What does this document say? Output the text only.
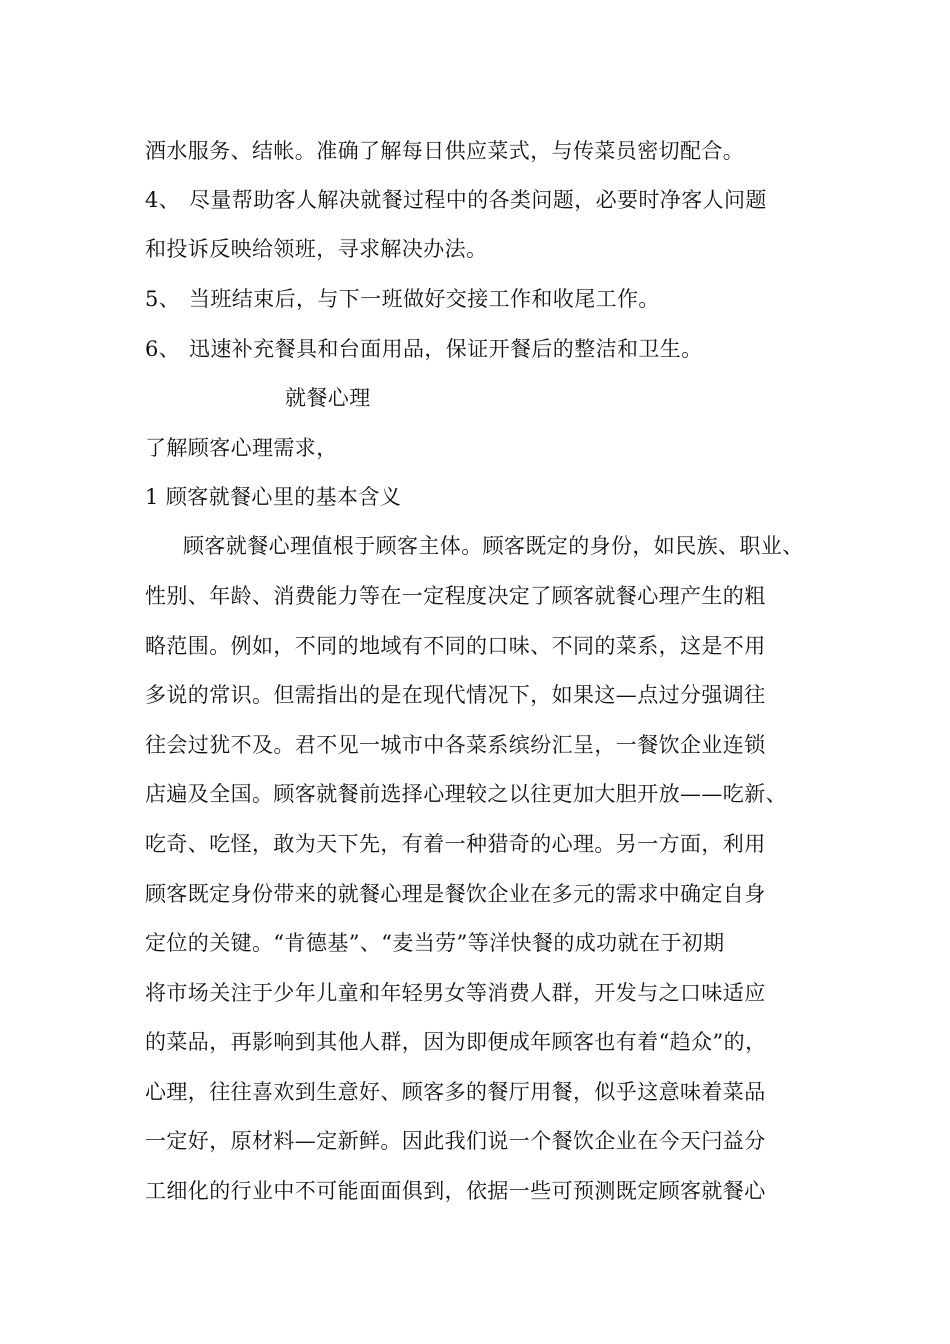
酒水服务、结帐。准确了解每日供应菜式，与传菜员密切配合。
4、 尽量帮助客人解决就餐过程中的各类问题，必要时净客人问题
和投诉反映给领班，寻求解决办法。
5、 当班结束后，与下一班做好交接工作和收尾工作。
6、 迅速补充餐具和台面用品，保证开餐后的整洁和卫生。
就餐心理
了解顾客心理需求，
1 顾客就餐心里的基本含义
顾客就餐心理值根于顾客主体。顾客既定的身份，如民族、职业、
性别、年龄、消费能力等在一定程度决定了顾客就餐心理产生的粗
略范围。例如，不同的地域有不同的口味、不同的菜系，这是不用
多说的常识。但需指出的是在现代情况下，如果这—点过分强调往
往会过犹不及。君不见一城市中各菜系缤纷汇呈，一餐饮企业连锁
店遍及全国。顾客就餐前选择心理较之以往更加大胆开放——吃新、
吃奇、吃怪，敢为天下先，有着一种猎奇的心理。另一方面，利用
顾客既定身份带来的就餐心理是餐饮企业在多元的需求中确定自身
定位的关键。“肯德基”、“麦当劳”等洋快餐的成功就在于初期
将市场关注于少年儿童和年轻男女等消费人群，开发与之口味适应
的菜品，再影响到其他人群，因为即便成年顾客也有着“趋众”的，
心理，往往喜欢到生意好、顾客多的餐厅用餐，似乎这意味着菜品
一定好，原材料—定新鲜。因此我们说一个餐饮企业在今天闩益分
工细化的行业中不可能面面俱到，依据一些可预测既定顾客就餐心
